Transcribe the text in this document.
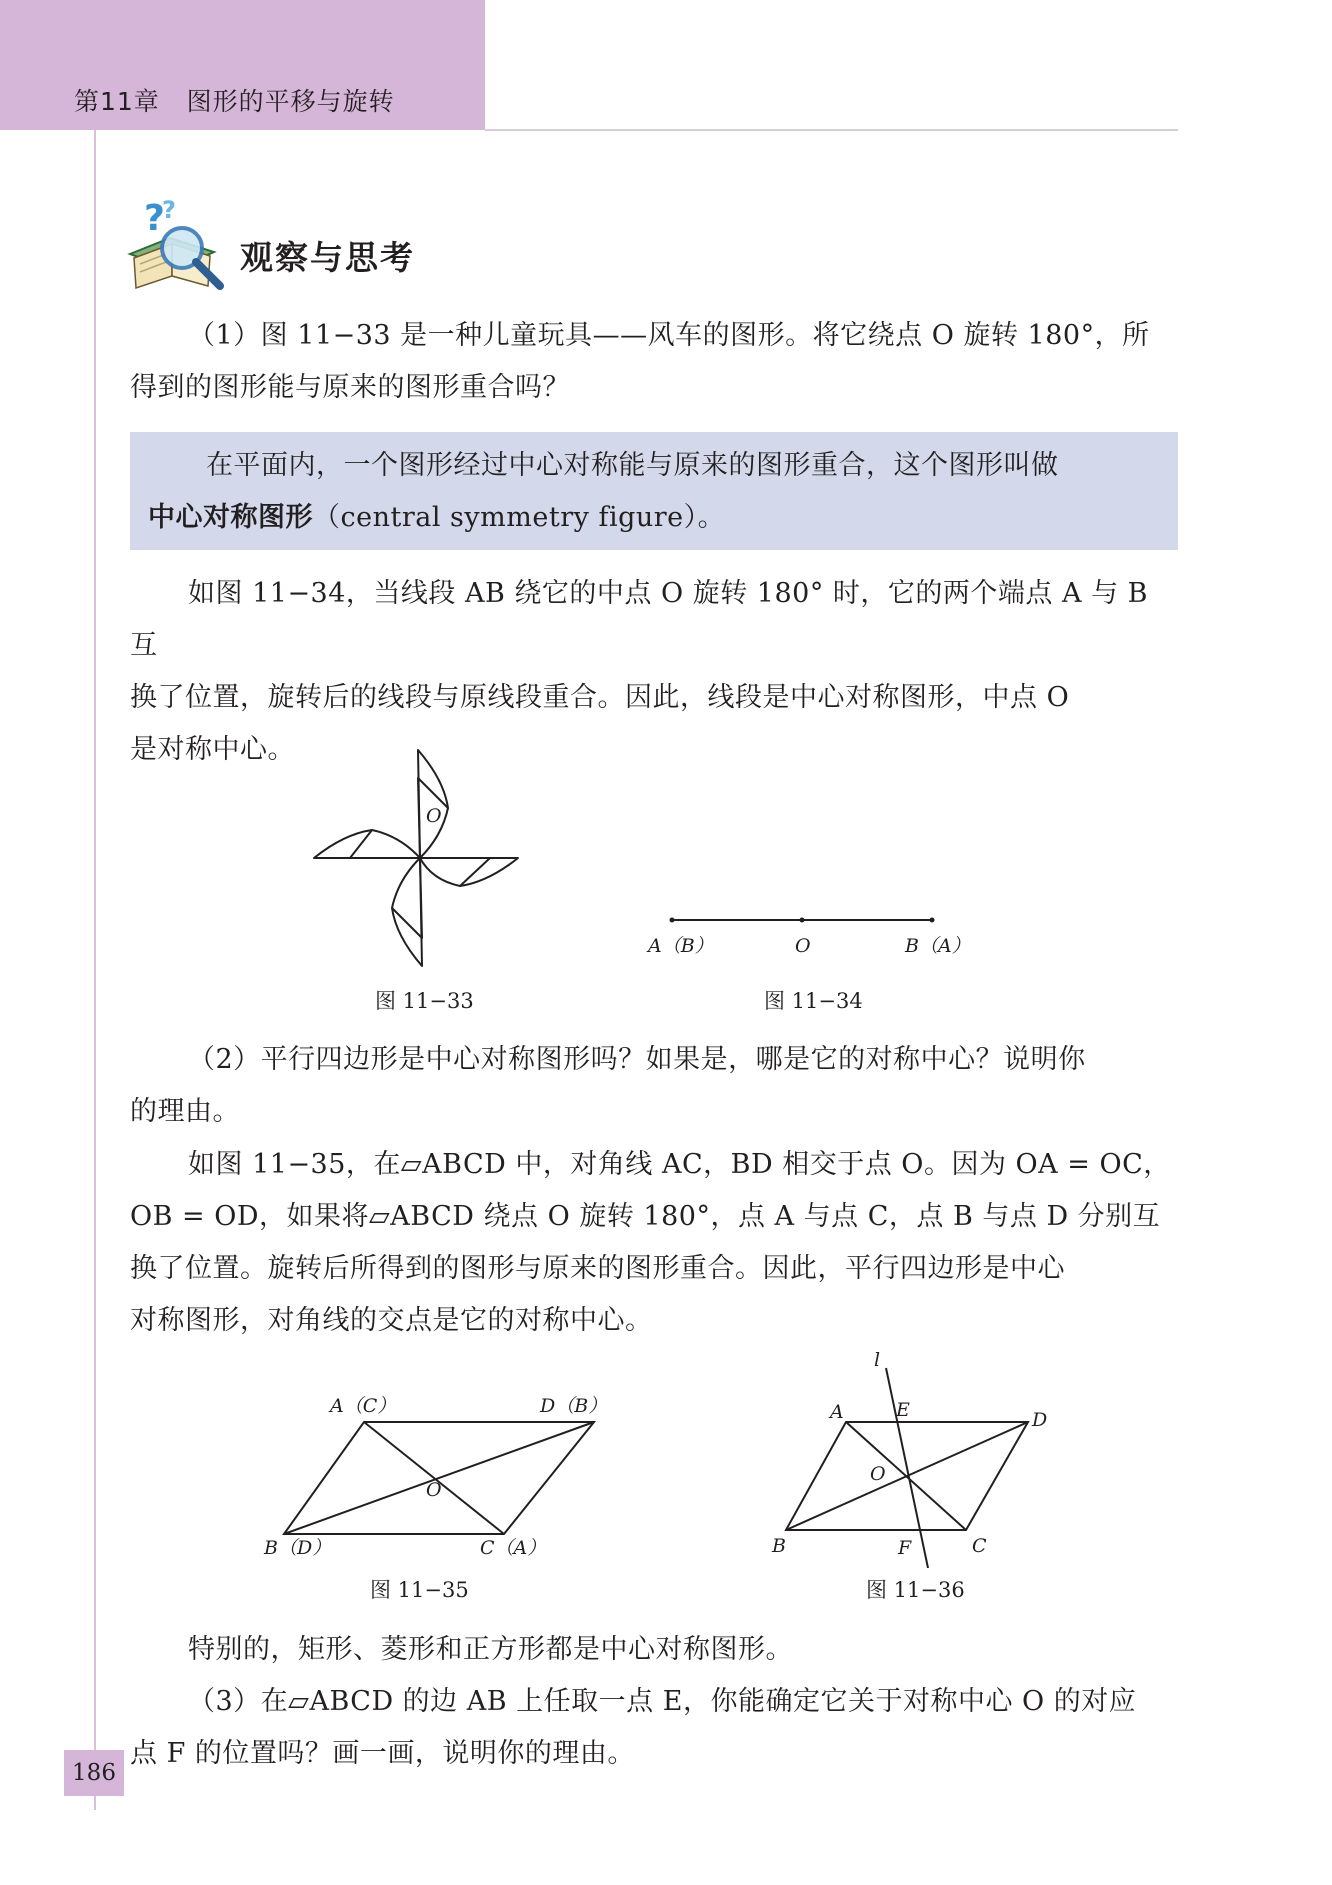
第11章 图形的平移与旋转
?
?
观察与思考

（1）图 11−33 是一种儿童玩具——风车的图形。将它绕点 O 旋转 180°，所
得到的图形能与原来的图形重合吗？

在平面内，一个图形经过中心对称能与原来的图形重合，这个图形叫做
中心对称图形（central symmetry figure）。

如图 11−34，当线段 AB 绕它的中点 O 旋转 180° 时，它的两个端点 A 与 B 互
换了位置，旋转后的线段与原线段重合。因此，线段是中心对称图形，中点 O
是对称中心。

O
图 11−33
A（B）	O	B（A）
图 11−34

（2）平行四边形是中心对称图形吗？如果是，哪是它的对称中心？说明你
的理由。

如图 11−35，在▱ABCD 中，对角线 AC，BD 相交于点 O。因为 OA = OC，
OB = OD，如果将▱ABCD 绕点 O 旋转 180°，点 A 与点 C，点 B 与点 D 分别互
换了位置。旋转后所得到的图形与原来的图形重合。因此，平行四边形是中心
对称图形，对角线的交点是它的对称中心。

A（C）	D（B）
O
B（D）	C（A）
图 11−35
l
A	E	D
O
B	F	C
图 11−36

特别的，矩形、菱形和正方形都是中心对称图形。

（3）在▱ABCD 的边 AB 上任取一点 E，你能确定它关于对称中心 O 的对应
点 F 的位置吗？画一画，说明你的理由。

186
